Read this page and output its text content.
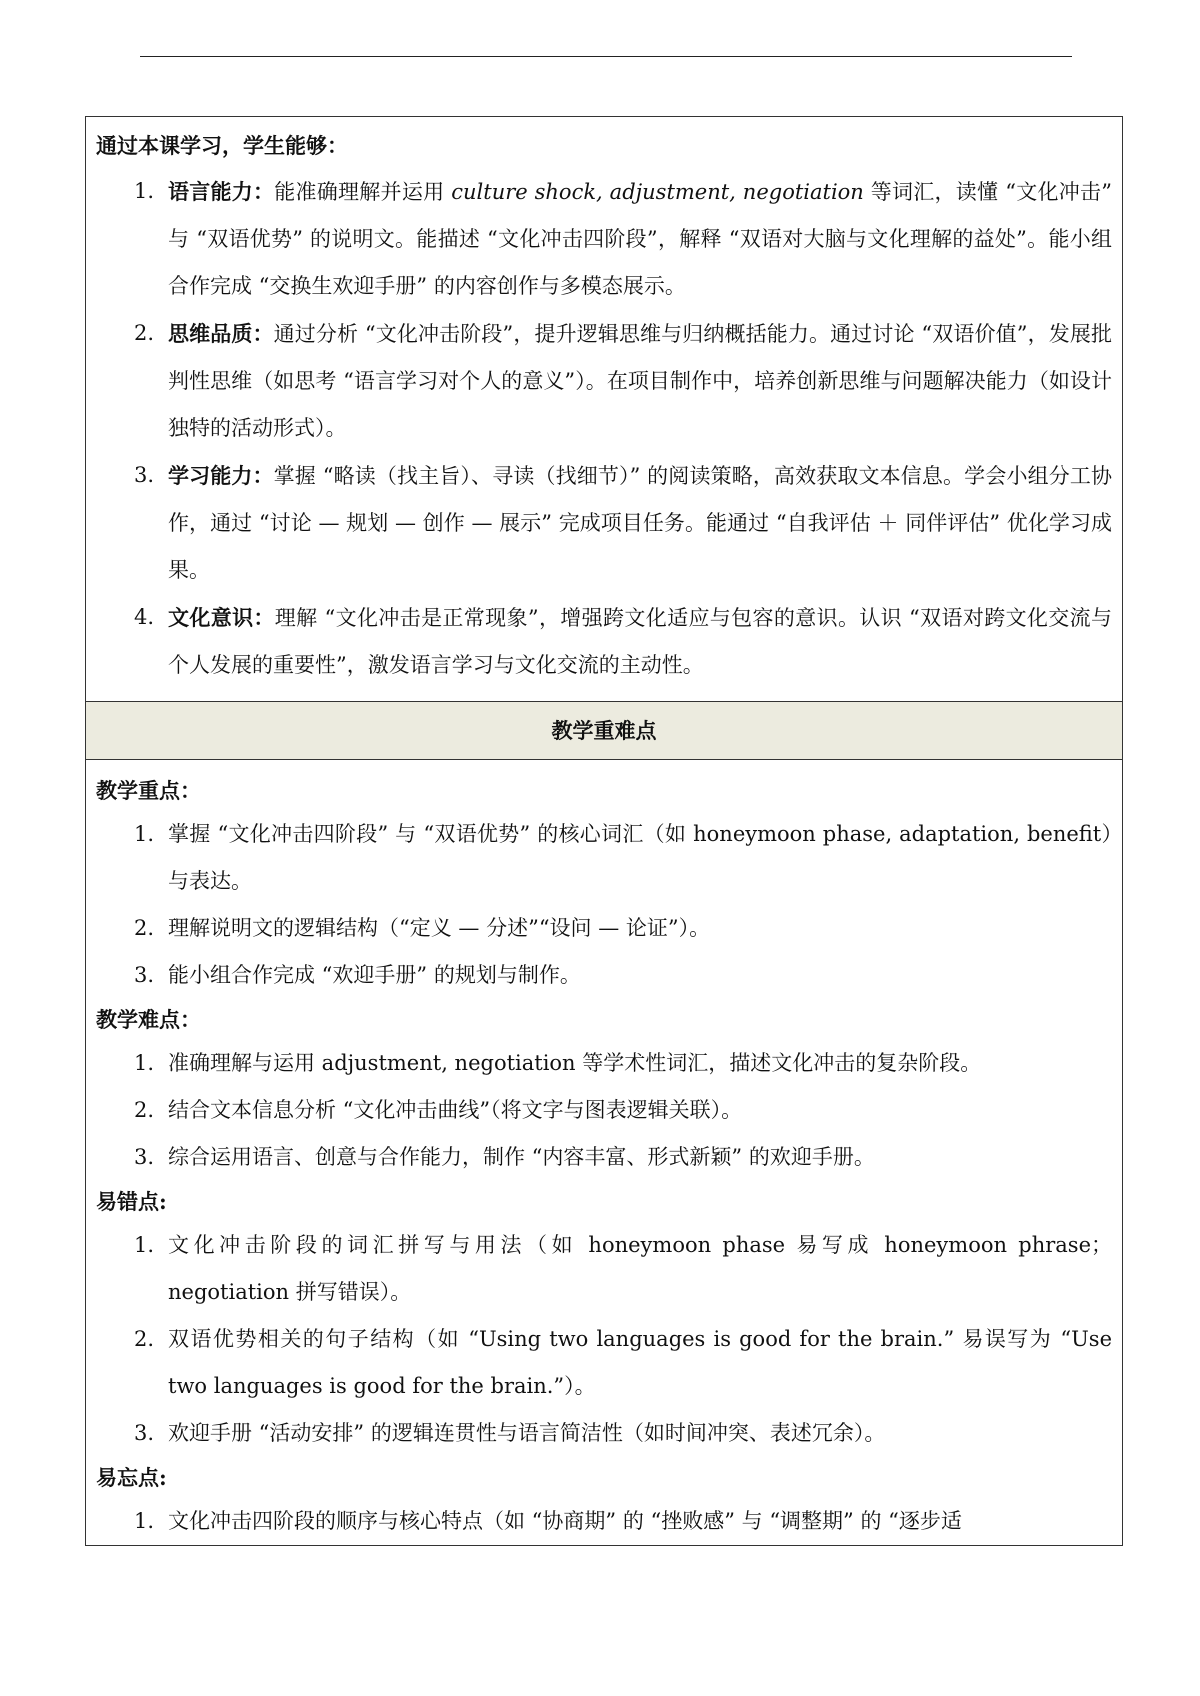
通过本课学习，学生能够：
1. 语言能力：能准确理解并运用 culture shock, adjustment, negotiation 等词汇，读懂 “文化冲击” 与 “双语优势” 的说明文。能描述 “文化冲击四阶段”，解释 “双语对大脑与文化理解的益处”。能小组合作完成 “交换生欢迎手册” 的内容创作与多模态展示。
2. 思维品质：通过分析 “文化冲击阶段”，提升逻辑思维与归纳概括能力。通过讨论 “双语价值”，发展批判性思维（如思考 “语言学习对个人的意义”）。在项目制作中，培养创新思维与问题解决能力（如设计独特的活动形式）。
3. 学习能力：掌握 “略读（找主旨）、寻读（找细节）” 的阅读策略，高效获取文本信息。学会小组分工协作，通过 “讨论 — 规划 — 创作 — 展示” 完成项目任务。能通过 “自我评估 ＋ 同伴评估” 优化学习成果。
4. 文化意识：理解 “文化冲击是正常现象”，增强跨文化适应与包容的意识。认识 “双语对跨文化交流与个人发展的重要性”，激发语言学习与文化交流的主动性。
教学重难点
教学重点：
1. 掌握 “文化冲击四阶段” 与 “双语优势” 的核心词汇（如 honeymoon phase, adaptation, benefit）与表达。
2. 理解说明文的逻辑结构（“定义 — 分述”“设问 — 论证”）。
3. 能小组合作完成 “欢迎手册” 的规划与制作。
教学难点：
1. 准确理解与运用 adjustment, negotiation 等学术性词汇，描述文化冲击的复杂阶段。
2. 结合文本信息分析 “文化冲击曲线”（将文字与图表逻辑关联）。
3. 综合运用语言、创意与合作能力，制作 “内容丰富、形式新颖” 的欢迎手册。
易错点:
1. 文化冲击阶段的词汇拼写与用法（如 honeymoon phase 易写成 honeymoon phrase；negotiation 拼写错误）。
2. 双语优势相关的句子结构（如 “Using two languages is good for the brain.” 易误写为 “Use two languages is good for the brain.”）。
3. 欢迎手册 “活动安排” 的逻辑连贯性与语言简洁性（如时间冲突、表述冗余）。
易忘点:
1. 文化冲击四阶段的顺序与核心特点（如 “协商期” 的 “挫败感” 与 “调整期” 的 “逐步适
